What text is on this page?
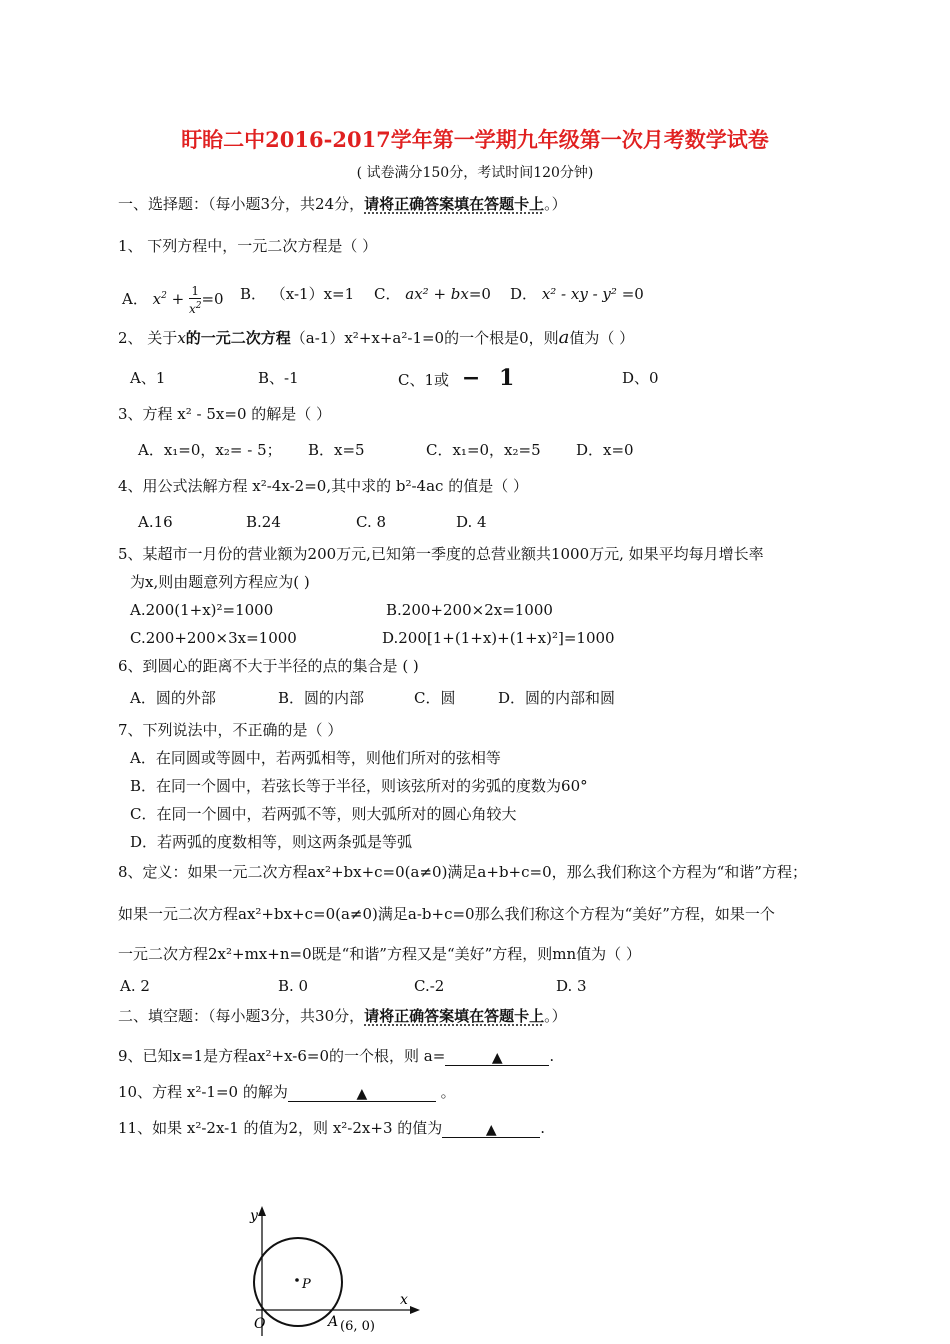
盱眙二中2016-2017学年第一学期九年级第一次月考数学试卷
( 试卷满分150分，考试时间120分钟)
一、选择题：（每小题3分，共24分，请将正确答案填在答题卡上。）
1、 下列方程中，一元二次方程是（ ）
A． $x^2 + \frac{1}{x^2} =0$ B． （x-1）x=1 C． ax² + bx=0 D． x² - xy - y² =0
2、 关于x的一元二次方程（a-1）x²+x+a²-1=0的一个根是0，则a值为（ ）
A、1	B、-1	C、1或 − 1	D、0
3、方程 x² - 5x=0 的解是（ ）
A．x₁=0，x₂= - 5； B．x=5	C．x₁=0，x₂=5 D．x=0
4、用公式法解方程 x²-4x-2=0,其中求的 b²-4ac 的值是（ ）
A.16	B.24	C. 8	D. 4
5、某超市一月份的营业额为200万元,已知第一季度的总营业额共1000万元, 如果平均每月增长率
为x,则由题意列方程应为( )
A.200(1+x)²=1000	B.200+200×2x=1000
C.200+200×3x=1000	D.200[1+(1+x)+(1+x)²]=1000
6、到圆心的距离不大于半径的点的集合是 ( )
A．圆的外部	B．圆的内部	C．圆	D．圆的内部和圆
7、下列说法中，不正确的是（ ）
A．在同圆或等圆中，若两弧相等，则他们所对的弦相等
B．在同一个圆中，若弦长等于半径，则该弦所对的劣弧的度数为60°
C．在同一个圆中，若两弧不等，则大弧所对的圆心角较大
D．若两弧的度数相等，则这两条弧是等弧
8、定义：如果一元二次方程ax²+bx+c=0(a≠0)满足a+b+c=0，那么我们称这个方程为“和谐”方程；
如果一元二次方程ax²+bx+c=0(a≠0)满足a-b+c=0那么我们称这个方程为“美好”方程，如果一个
一元二次方程2x²+mx+n=0既是“和谐”方程又是“美好”方程，则mn值为（ ）
A. 2	B. 0	C.-2	D. 3
二、填空题：（每小题3分，共30分，请将正确答案填在答题卡上。）
9、已知x=1是方程ax²+x-6=0的一个根，则 a=	▲	.
10、方程 x²-1=0 的解为	▲	。
11、如果 x²-2x-1 的值为2，则 x²-2x+3 的值为	▲	.
y
x
O
P
A (6, 0)
